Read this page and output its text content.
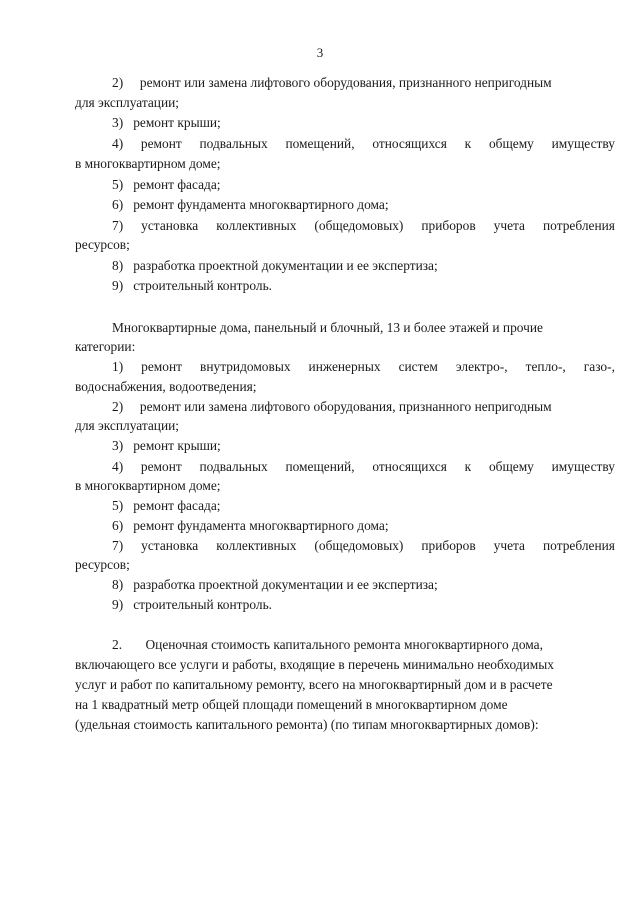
3
2)  ремонт или замена лифтового оборудования, признанного непригодным
для эксплуатации;
3)  ремонт крыши;
4) ремонт подвальных помещений, относящихся к общему имуществу
в многоквартирном доме;
5)  ремонт фасада;
6)  ремонт фундамента многоквартирного дома;
7) установка коллективных (общедомовых) приборов учета потребления
ресурсов;
8)  разработка проектной документации и ее экспертиза;
9)  строительный контроль.
Многоквартирные дома, панельный и блочный, 13 и более этажей и прочие
категории:
1) ремонт внутридомовых инженерных систем электро-, тепло-, газо-,
водоснабжения, водоотведения;
2)  ремонт или замена лифтового оборудования, признанного непригодным
для эксплуатации;
3)  ремонт крыши;
4) ремонт подвальных помещений, относящихся к общему имуществу
в многоквартирном доме;
5)  ремонт фасада;
6)  ремонт фундамента многоквартирного дома;
7) установка коллективных (общедомовых) приборов учета потребления
ресурсов;
8)  разработка проектной документации и ее экспертиза;
9)  строительный контроль.
2.   Оценочная стоимость капитального ремонта многоквартирного дома,
включающего все услуги и работы, входящие в перечень минимально необходимых
услуг и работ по капитальному ремонту, всего на многоквартирный дом и в расчете
на 1 квадратный метр общей площади помещений в многоквартирном доме
(удельная стоимость капитального ремонта) (по типам многоквартирных домов):
